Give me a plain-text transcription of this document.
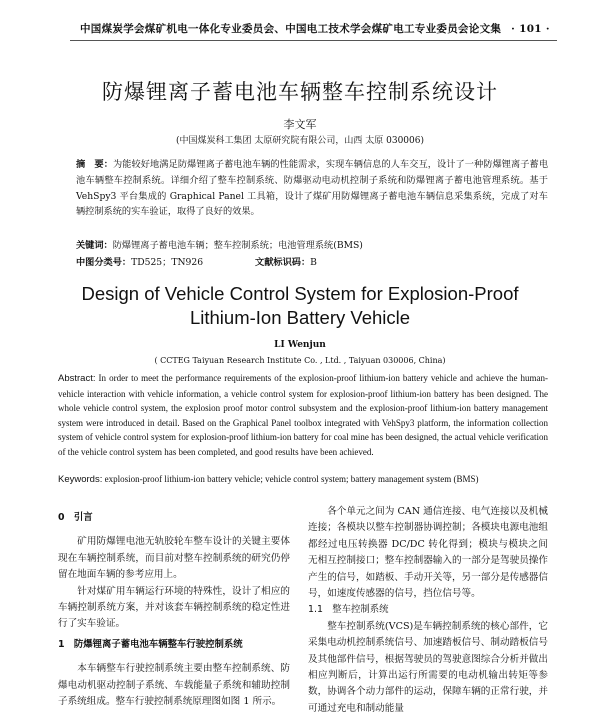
中国煤炭学会煤矿机电一体化专业委员会、中国电工技术学会煤矿电工专业委员会论文集 · 101 ·
防爆锂离子蓄电池车辆整车控制系统设计
李文军
(中国煤炭科工集团 太原研究院有限公司，山西 太原 030006)
摘　要：为能较好地满足防爆锂离子蓄电池车辆的性能需求，实现车辆信息的人车交互，设计了一种防爆锂离子蓄电池车辆整车控制系统。详细介绍了整车控制系统、防爆驱动电动机控制子系统和防爆锂离子蓄电池管理系统。基于 VehSpy3 平台集成的 Graphical Panel 工具箱，设计了煤矿用防爆锂离子蓄电池车辆信息采集系统，完成了对车辆控制系统的实车验证，取得了良好的效果。
关键词：防爆锂离子蓄电池车辆；整车控制系统；电池管理系统(BMS)
中图分类号：TD525；TN926	文献标识码：B
Design of Vehicle Control System for Explosion-Proof
Lithium-Ion Battery Vehicle
LI Wenjun
( CCTEG Taiyuan Research Institute Co. , Ltd. , Taiyuan 030006, China)
Abstract: In order to meet the performance requirements of the explosion-proof lithium-ion battery vehicle and achieve the human-vehicle interaction with vehicle information, a vehicle control system for explosion-proof lithium-ion battery has been designed. The whole vehicle control system, the explosion proof motor control subsystem and the explosion-proof lithium-ion battery management system were introduced in detail. Based on the Graphical Panel toolbox integrated with VehSpy3 platform, the information collection system of vehicle control system for explosion-proof lithium-ion battery for coal mine has been designed, the actual vehicle verification of the vehicle control system has been completed, and good results have been achieved.
Keywords: explosion-proof lithium-ion battery vehicle; vehicle control system; battery management system (BMS)
0　引言

矿用防爆锂电池无轨胶轮车整车设计的关键主要体现在车辆控制系统，而目前对整车控制系统的研究仍停留在地面车辆的参考应用上。

针对煤矿用车辆运行环境的特殊性，设计了相应的车辆控制系统方案，并对该套车辆控制系统的稳定性进行了实车验证。

1　防爆锂离子蓄电池车辆整车行驶控制系统

本车辆整车行驶控制系统主要由整车控制系统、防爆电动机驱动控制子系统、车载能量子系统和辅助控制子系统组成。整车行驶控制系统原理图如图 1 所示。

各个单元之间为 CAN 通信连接、电气连接以及机械连接；各模块以整车控制器协调控制；各模块电源电池组都经过电压转换器 DC/DC 转化得到；模块与模块之间无相互控制接口；整车控制器输入的一部分是驾驶员操作产生的信号，如踏板、手动开关等，另一部分是传感器信号，如速度传感器的信号，挡位信号等。

1.1　整车控制系统

整车控制系统(VCS)是车辆控制系统的核心部件，它采集电动机控制系统信号、加速踏板信号、制动踏板信号及其他部件信号，根据驾驶员的驾驶意图综合分析并做出相应判断后，计算出运行所需要的电动机输出转矩等参数，协调各个动力部件的运动，保障车辆的正常行驶，并可通过充电和制动能量
